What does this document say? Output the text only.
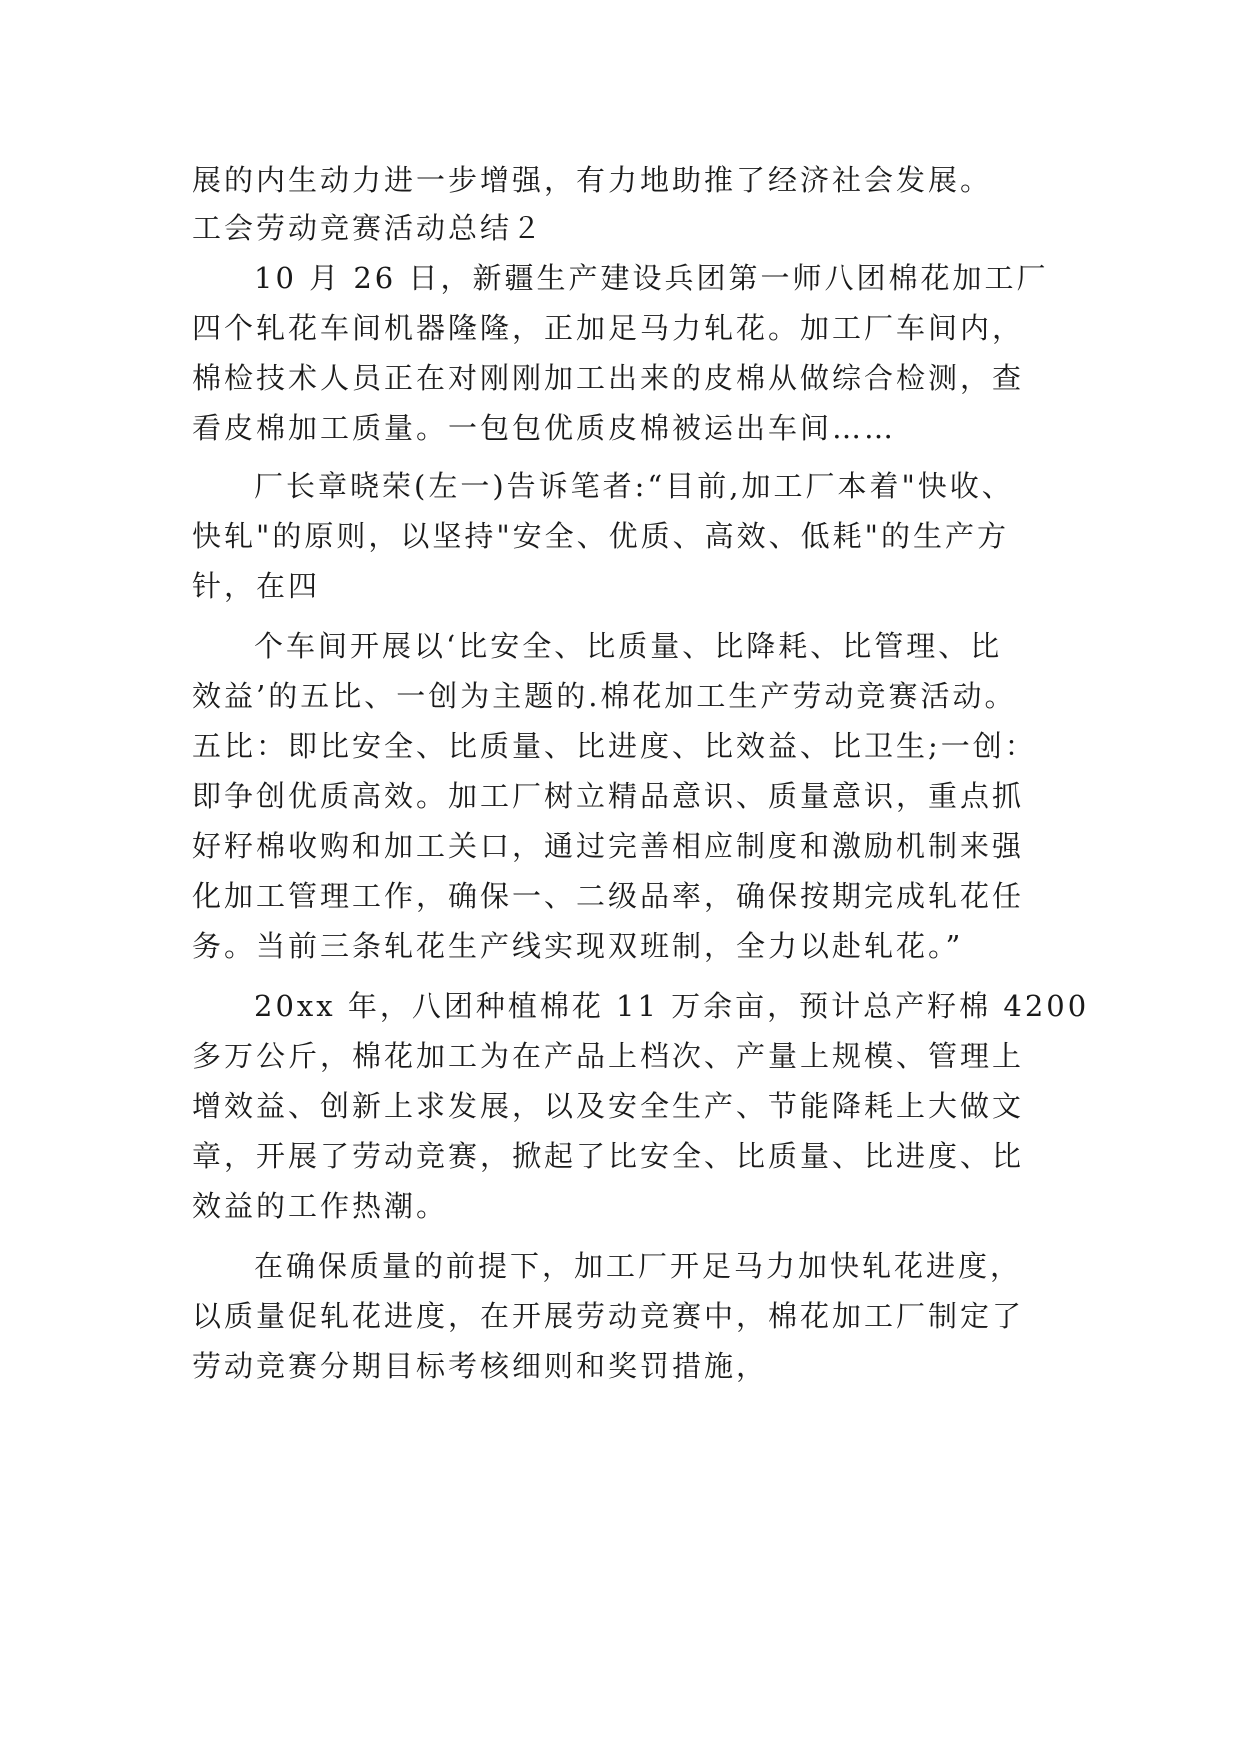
展的内生动力进一步增强，有力地助推了经济社会发展。
工会劳动竞赛活动总结２
10 月 26 日，新疆生产建设兵团第一师八团棉花加工厂
四个轧花车间机器隆隆，正加足马力轧花。加工厂车间内，
棉检技术人员正在对刚刚加工出来的皮棉从做综合检测，查
看皮棉加工质量。一包包优质皮棉被运出车间……
厂长章晓荣(左一)告诉笔者:“目前,加工厂本着"快收、
快轧"的原则，以坚持"安全、优质、高效、低耗"的生产方
针，在四
个车间开展以‘比安全、比质量、比降耗、比管理、比
效益’的五比、一创为主题的.棉花加工生产劳动竞赛活动。
五比：即比安全、比质量、比进度、比效益、比卫生;一创：
即争创优质高效。加工厂树立精品意识、质量意识，重点抓
好籽棉收购和加工关口，通过完善相应制度和激励机制来强
化加工管理工作，确保一、二级品率，确保按期完成轧花任
务。当前三条轧花生产线实现双班制，全力以赴轧花。”
20xx 年，八团种植棉花 11 万余亩，预计总产籽棉 4200
多万公斤，棉花加工为在产品上档次、产量上规模、管理上
增效益、创新上求发展，以及安全生产、节能降耗上大做文
章，开展了劳动竞赛，掀起了比安全、比质量、比进度、比
效益的工作热潮。
在确保质量的前提下，加工厂开足马力加快轧花进度，
以质量促轧花进度，在开展劳动竞赛中，棉花加工厂制定了
劳动竞赛分期目标考核细则和奖罚措施，
